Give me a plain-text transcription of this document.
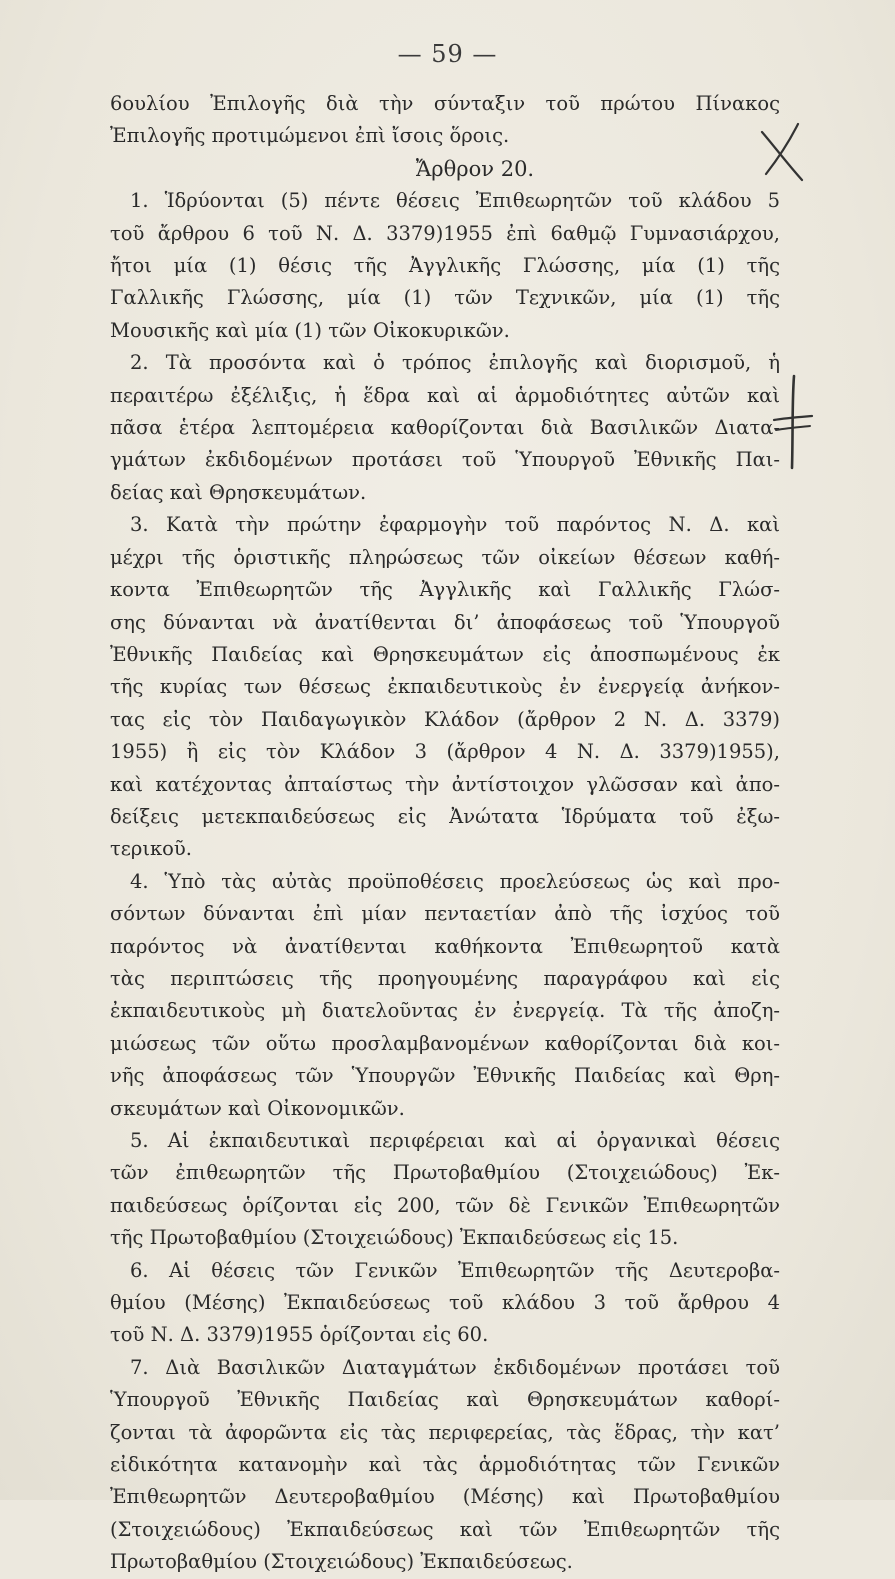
— 59 —
6ουλίου Ἐπιλογῆς διὰ τὴν σύνταξιν τοῦ πρώτου Πίνακος
Ἐπιλογῆς προτιμώμενοι ἐπὶ ἴσοις ὅροις.
Ἄρθρον 20.
1. Ἱδρύονται (5) πέντε θέσεις Ἐπιθεωρητῶν τοῦ κλάδου 5
τοῦ ἄρθρου 6 τοῦ Ν. Δ. 3379)1955 ἐπὶ 6αθμῷ Γυμνασιάρχου,
ἤτοι μία (1) θέσις τῆς Ἀγγλικῆς Γλώσσης, μία (1) τῆς
Γαλλικῆς Γλώσσης, μία (1) τῶν Τεχνικῶν, μία (1) τῆς
Μουσικῆς καὶ μία (1) τῶν Οἰκοκυρικῶν.
2. Τὰ προσόντα καὶ ὁ τρόπος ἐπιλογῆς καὶ διορισμοῦ, ἡ
περαιτέρω ἐξέλιξις, ἡ ἕδρα καὶ αἱ ἁρμοδιότητες αὐτῶν καὶ
πᾶσα ἑτέρα λεπτομέρεια καθορίζονται διὰ Βασιλικῶν Διατα-
γμάτων ἐκδιδομένων προτάσει τοῦ Ὑπουργοῦ Ἐθνικῆς Παι-
δείας καὶ Θρησκευμάτων.
3. Κατὰ τὴν πρώτην ἐφαρμογὴν τοῦ παρόντος Ν. Δ. καὶ
μέχρι τῆς ὁριστικῆς πληρώσεως τῶν οἰκείων θέσεων καθή-
κοντα Ἐπιθεωρητῶν τῆς Ἀγγλικῆς καὶ Γαλλικῆς Γλώσ-
σης δύνανται νὰ ἀνατίθενται δι’ ἀποφάσεως τοῦ Ὑπουργοῦ
Ἐθνικῆς Παιδείας καὶ Θρησκευμάτων εἰς ἀποσπωμένους ἐκ
τῆς κυρίας των θέσεως ἐκπαιδευτικοὺς ἐν ἐνεργείᾳ ἀνήκον-
τας εἰς τὸν Παιδαγωγικὸν Κλάδον (ἄρθρον 2 Ν. Δ. 3379)
1955) ἢ εἰς τὸν Κλάδον 3 (ἄρθρον 4 Ν. Δ. 3379)1955),
καὶ κατέχοντας ἀπταίστως τὴν ἀντίστοιχον γλῶσσαν καὶ ἀπο-
δείξεις μετεκπαιδεύσεως εἰς Ἀνώτατα Ἱδρύματα τοῦ ἐξω-
τερικοῦ.
4. Ὑπὸ τὰς αὐτὰς προϋποθέσεις προελεύσεως ὡς καὶ προ-
σόντων δύνανται ἐπὶ μίαν πενταετίαν ἀπὸ τῆς ἰσχύος τοῦ
παρόντος νὰ ἀνατίθενται καθήκοντα Ἐπιθεωρητοῦ κατὰ
τὰς περιπτώσεις τῆς προηγουμένης παραγράφου καὶ εἰς
ἐκπαιδευτικοὺς μὴ διατελοῦντας ἐν ἐνεργείᾳ. Τὰ τῆς ἀποζη-
μιώσεως τῶν οὕτω προσλαμβανομένων καθορίζονται διὰ κοι-
νῆς ἀποφάσεως τῶν Ὑπουργῶν Ἐθνικῆς Παιδείας καὶ Θρη-
σκευμάτων καὶ Οἰκονομικῶν.
5. Αἱ ἐκπαιδευτικαὶ περιφέρειαι καὶ αἱ ὀργανικαὶ θέσεις
τῶν ἐπιθεωρητῶν τῆς Πρωτοβαθμίου (Στοιχειώδους) Ἐκ-
παιδεύσεως ὁρίζονται εἰς 200, τῶν δὲ Γενικῶν Ἐπιθεωρητῶν
τῆς Πρωτοβαθμίου (Στοιχειώδους) Ἐκπαιδεύσεως εἰς 15.
6. Αἱ θέσεις τῶν Γενικῶν Ἐπιθεωρητῶν τῆς Δευτεροβα-
θμίου (Μέσης) Ἐκπαιδεύσεως τοῦ κλάδου 3 τοῦ ἄρθρου 4
τοῦ Ν. Δ. 3379)1955 ὁρίζονται εἰς 60.
7. Διὰ Βασιλικῶν Διαταγμάτων ἐκδιδομένων προτάσει τοῦ
Ὑπουργοῦ Ἐθνικῆς Παιδείας καὶ Θρησκευμάτων καθορί-
ζονται τὰ ἀφορῶντα εἰς τὰς περιφερείας, τὰς ἕδρας, τὴν κατ’
εἰδικότητα κατανομὴν καὶ τὰς ἁρμοδιότητας τῶν Γενικῶν
Ἐπιθεωρητῶν Δευτεροβαθμίου (Μέσης) καὶ Πρωτοβαθμίου
(Στοιχειώδους) Ἐκπαιδεύσεως καὶ τῶν Ἐπιθεωρητῶν τῆς
Πρωτοβαθμίου (Στοιχειώδους) Ἐκπαιδεύσεως.
